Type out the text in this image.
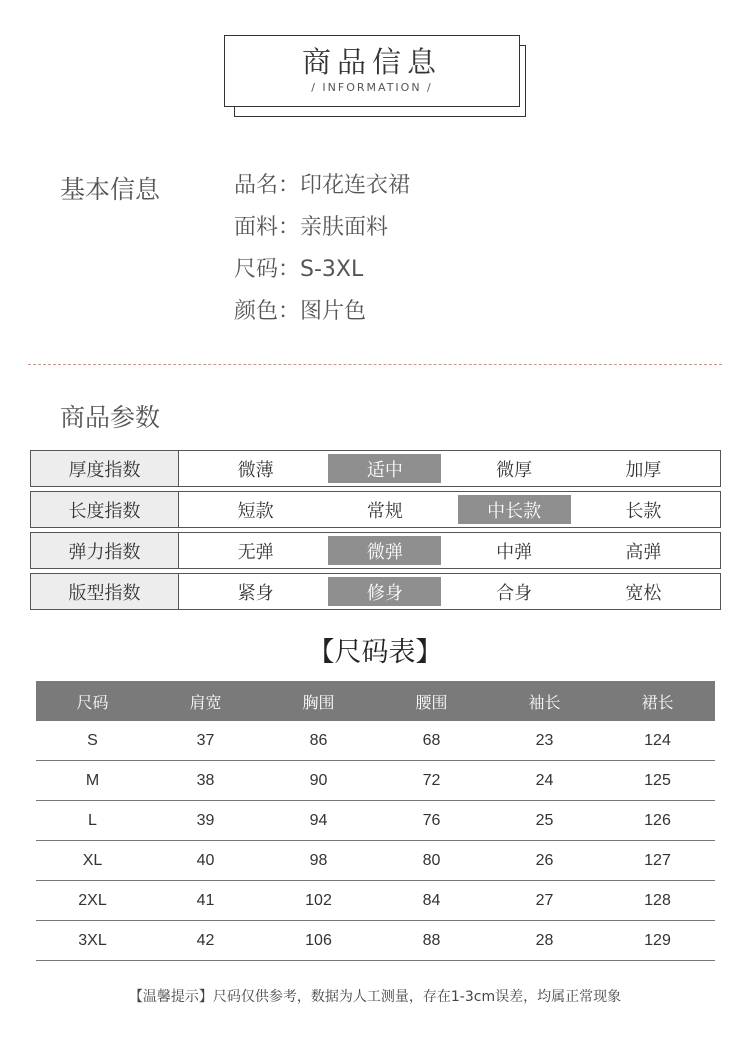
商品信息
/ INFORMATION /
基本信息	品名：印花连衣裙
面料：亲肤面料
尺码：S-3XL
颜色：图片色
商品参数
厚度指数	微薄	适中	微厚	加厚
长度指数	短款	常规	中长款	长款
弹力指数	无弹	微弹	中弹	高弹
版型指数	紧身	修身	合身	宽松
【尺码表】
尺码	肩宽	胸围	腰围	袖长	裙长
S	37	86	68	23	124
M	38	90	72	24	125
L	39	94	76	25	126
XL	40	98	80	26	127
2XL	41	102	84	27	128
3XL	42	106	88	28	129
【温馨提示】尺码仅供参考，数据为人工测量，存在1-3cm误差，均属正常现象
